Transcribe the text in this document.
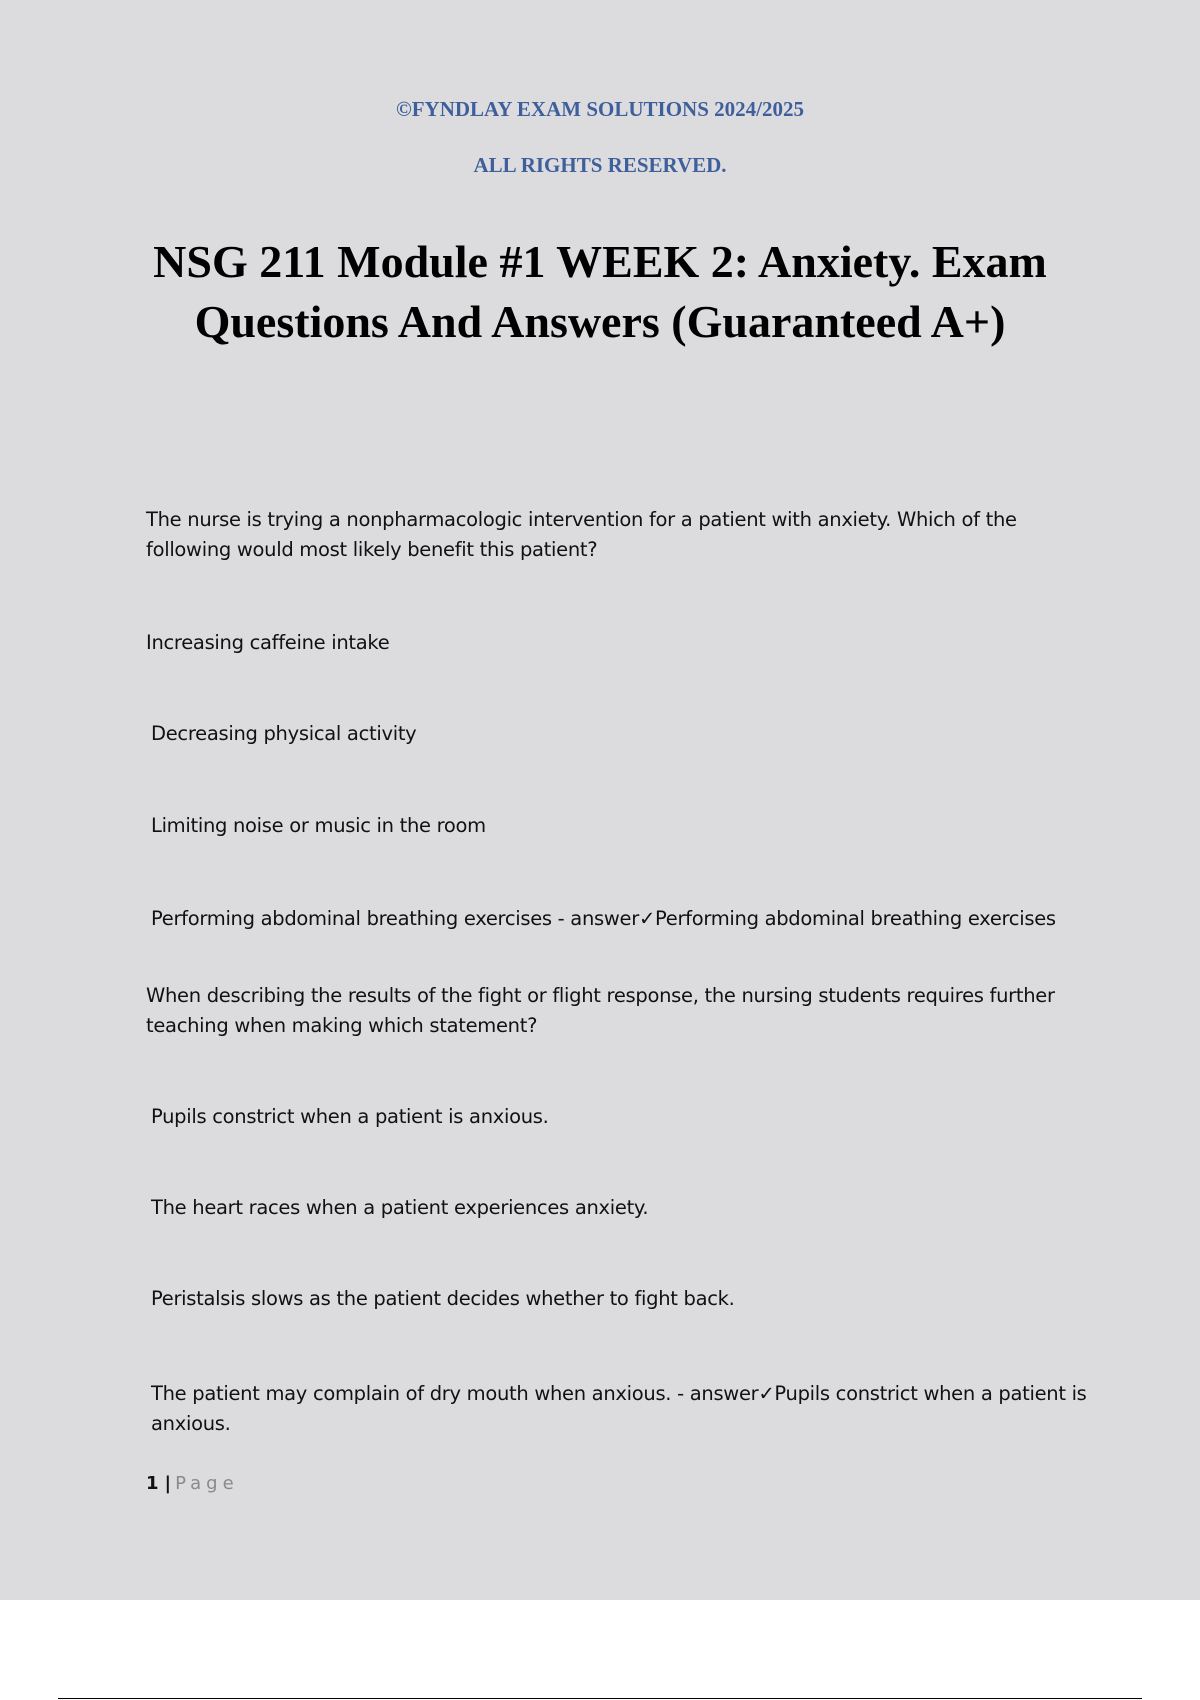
©FYNDLAY EXAM SOLUTIONS 2024/2025

ALL RIGHTS RESERVED.

NSG 211 Module #1 WEEK 2: Anxiety. Exam Questions And Answers (Guaranteed A+)

The nurse is trying a nonpharmacologic intervention for a patient with anxiety. Which of the following would most likely benefit this patient?

Increasing caffeine intake

Decreasing physical activity

Limiting noise or music in the room

Performing abdominal breathing exercises - answer✓Performing abdominal breathing exercises

When describing the results of the fight or flight response, the nursing students requires further teaching when making which statement?

Pupils constrict when a patient is anxious.

The heart races when a patient experiences anxiety.

Peristalsis slows as the patient decides whether to fight back.

The patient may complain of dry mouth when anxious. - answer✓Pupils constrict when a patient is anxious.

1 | Page
